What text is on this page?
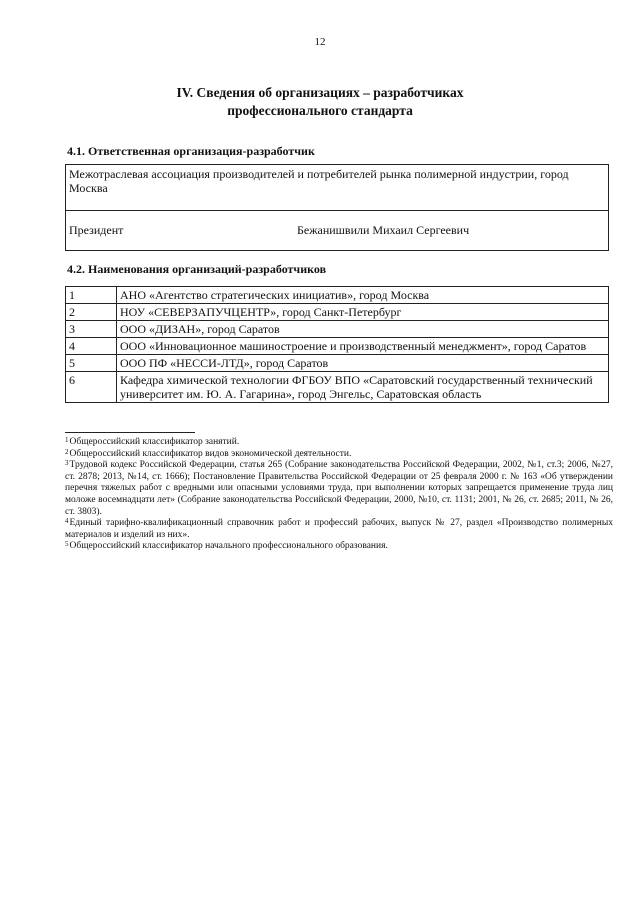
12
IV. Сведения об организациях – разработчиках
профессионального стандарта
4.1. Ответственная организация-разработчик
Межотраслевая ассоциация производителей и потребителей рынка полимерной индустрии, город Москва
Президент	Бежанишвили Михаил Сергеевич
4.2. Наименования организаций-разработчиков
1	АНО «Агентство стратегических инициатив», город Москва
2	НОУ «СЕВЕРЗАПУЧЦЕНТР», город Санкт-Петербург
3	ООО «ДИЗАН», город Саратов
4	ООО «Инновационное машиностроение и производственный менеджмент», город Саратов
5	ООО ПФ «НЕССИ-ЛТД», город Саратов
6	Кафедра химической технологии ФГБОУ ВПО «Саратовский государственный технический университет им. Ю. А. Гагарина», город Энгельс, Саратовская область

$^1$Общероссийский классификатор занятий.

$^2$Общероссийский классификатор видов экономической деятельности.

$^3$Трудовой кодекс Российской Федерации, статья 265 (Собрание законодательства Российской Федерации, 2002, №1, ст.3; 2006, №27, ст. 2878; 2013, №14, ст. 1666); Постановление Правительства Российской Федерации от 25 февраля 2000 г. № 163 «Об утверждении перечня тяжелых работ с вредными или опасными условиями труда, при выполнении которых запрещается применение труда лиц моложе восемнадцати лет» (Собрание законодательства Российской Федерации, 2000, №10, ст. 1131; 2001, № 26, ст. 2685; 2011, № 26, ст. 3803).

$^4$Единый тарифно-квалификационный справочник работ и профессий рабочих, выпуск № 27, раздел «Производство полимерных материалов и изделий из них».

$^5$Общероссийский классификатор начального профессионального образования.
